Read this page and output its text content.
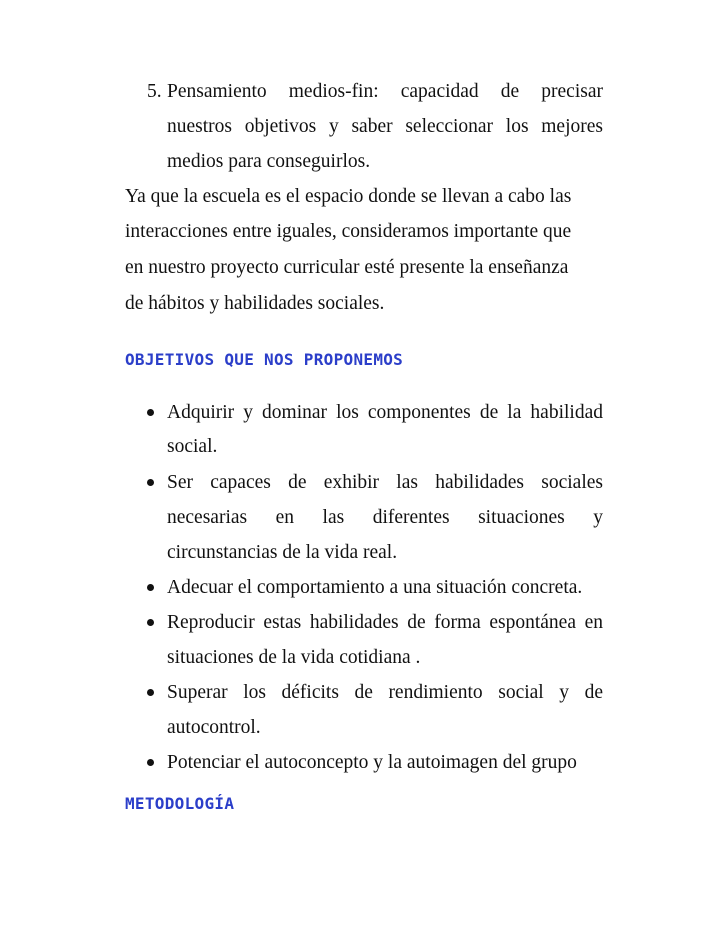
5. Pensamiento medios-fin: capacidad de precisar
nuestros objetivos y saber seleccionar los mejores
medios para conseguirlos.
Ya que la escuela es el espacio donde se llevan a cabo las
interacciones entre iguales, consideramos importante que
en nuestro proyecto curricular esté presente la enseñanza
de hábitos y habilidades sociales.
OBJETIVOS QUE NOS PROPONEMOS
Adquirir y dominar los componentes de la habilidad
social.
Ser capaces de exhibir las habilidades sociales
necesarias en las diferentes situaciones y
circunstancias de la vida real.
Adecuar el comportamiento a una situación concreta.
Reproducir estas habilidades de forma espontánea en
situaciones de la vida cotidiana .
Superar los déficits de rendimiento social y de
autocontrol.
Potenciar el autoconcepto y la autoimagen del grupo
METODOLOGÍA
